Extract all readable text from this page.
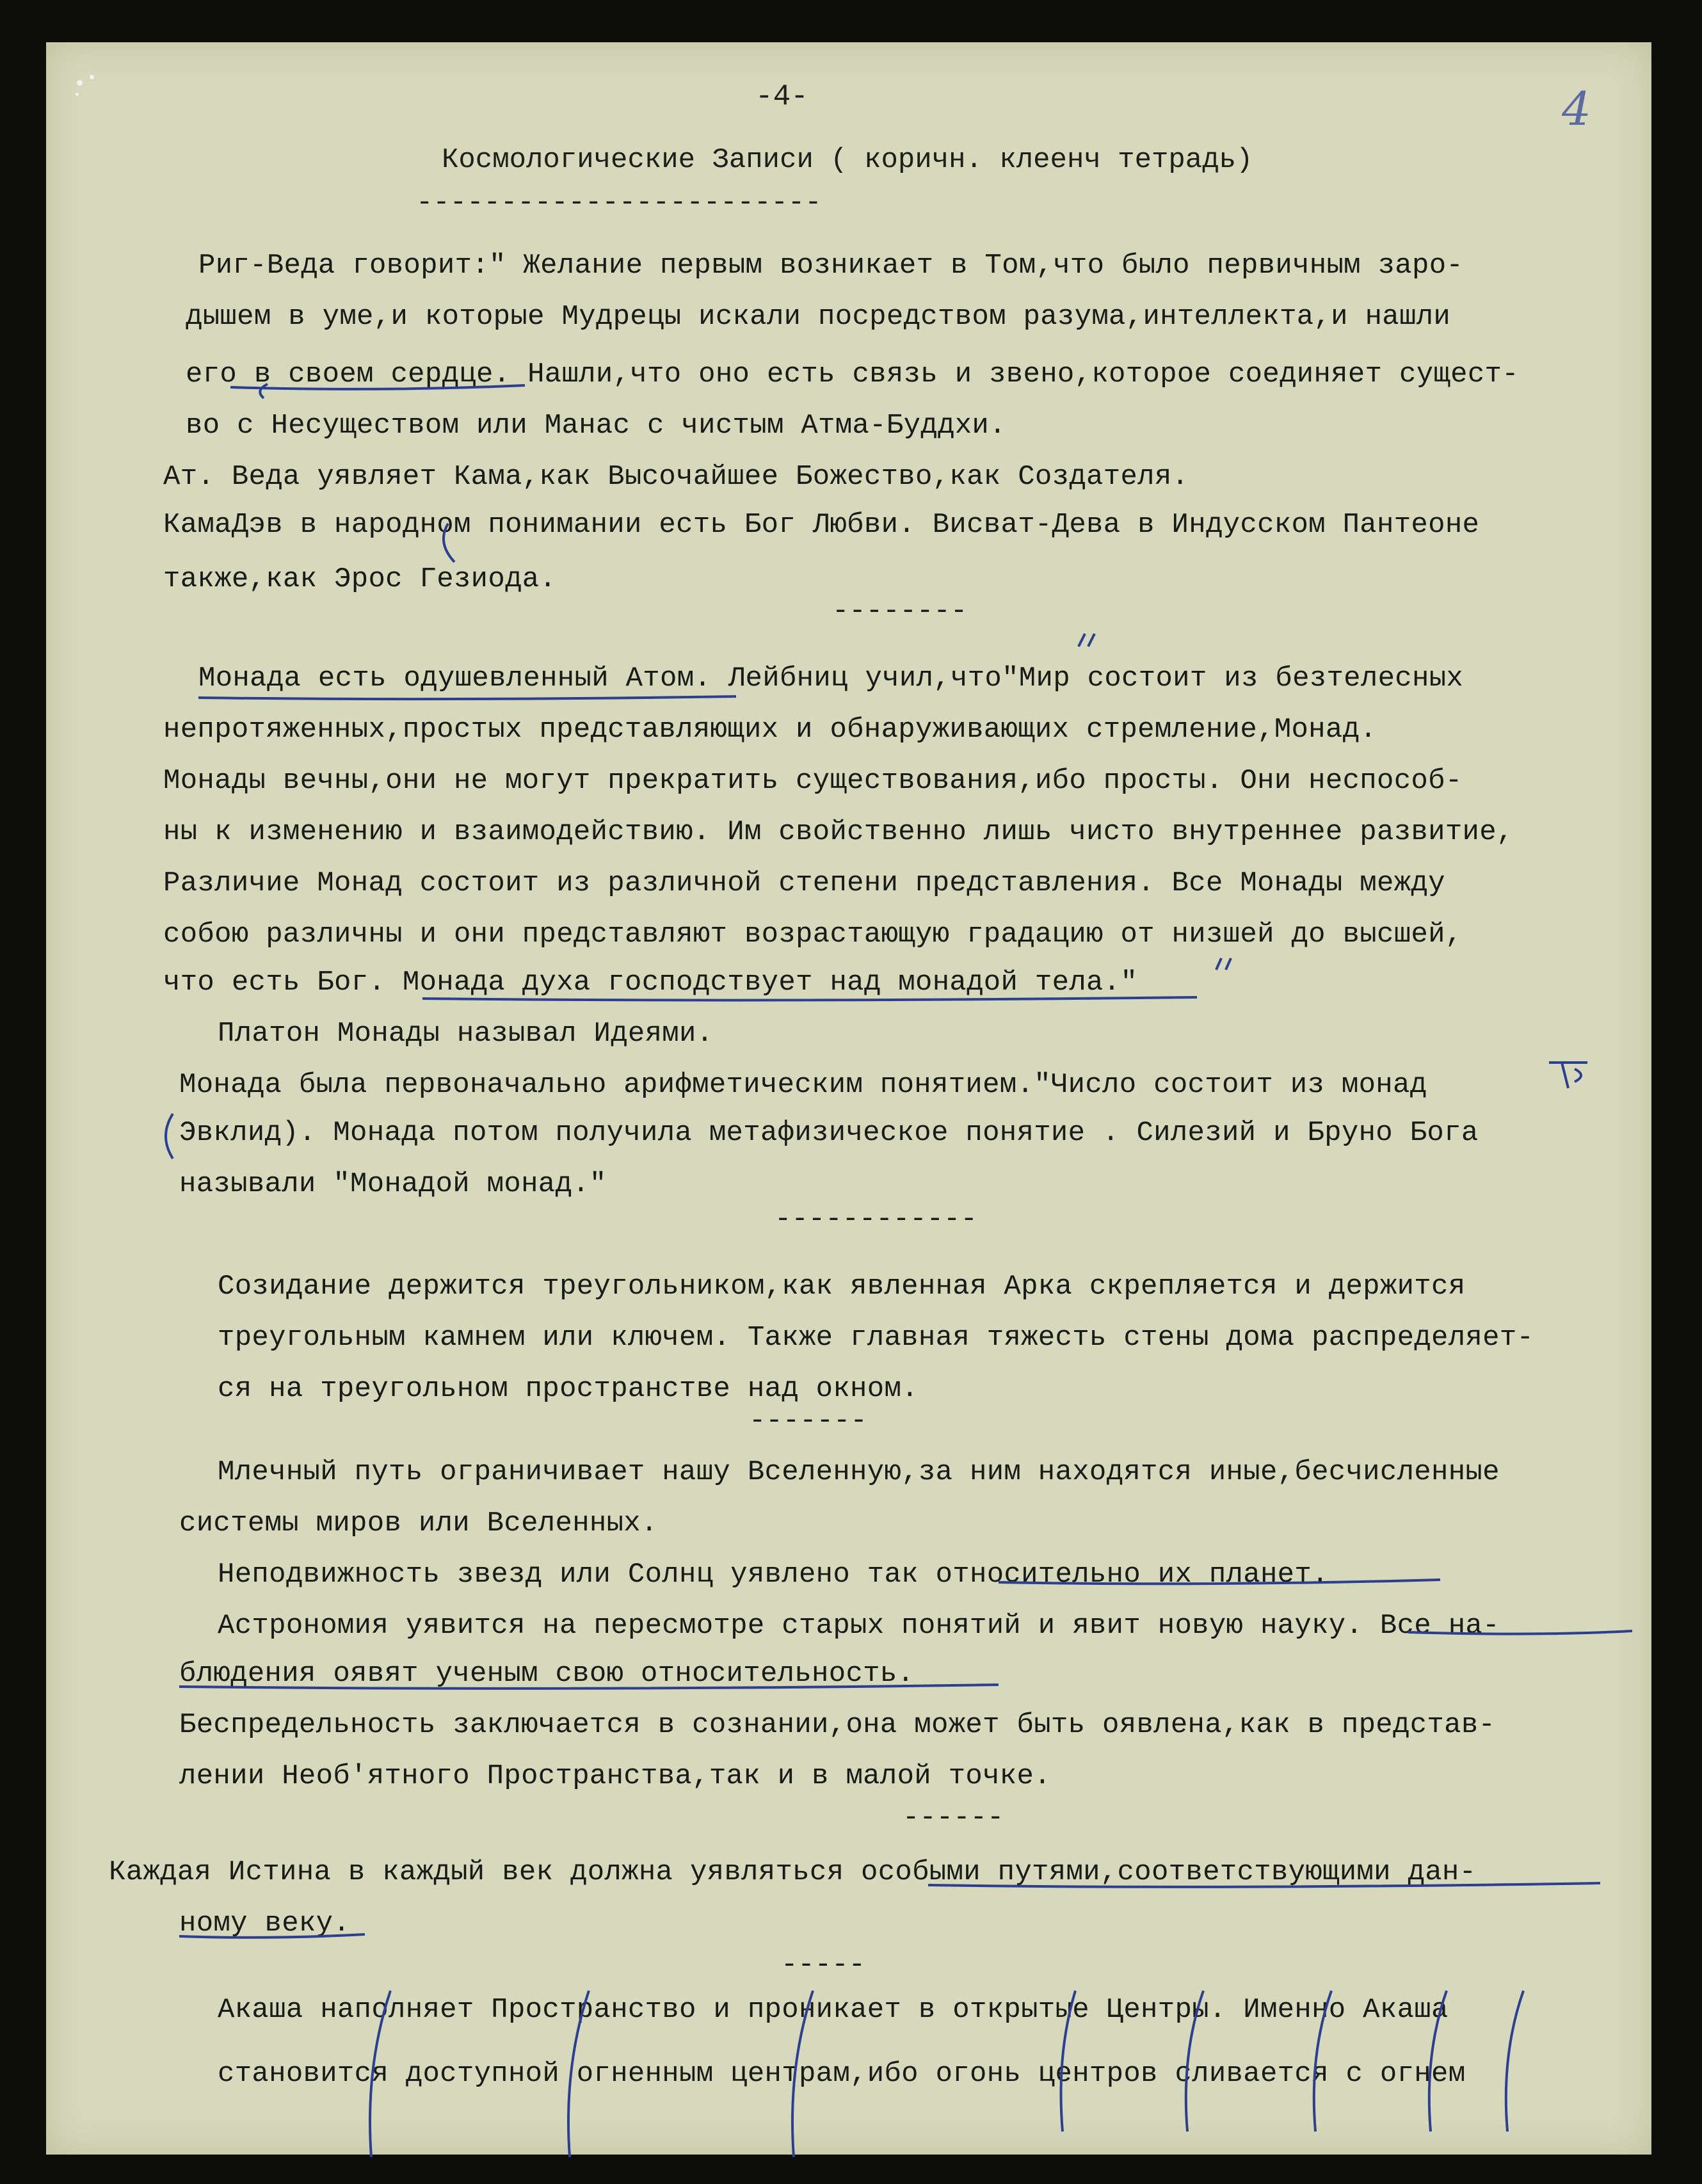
-4-	4
Космологические Записи ( коричн. клеенч тетрадь)
------------------------
Риг-Веда говорит:" Желание первым возникает в Том,что было первичным заро-
дышем в уме,и которые Мудрецы искали посредством разума,интеллекта,и нашли
его в своем сердце. Нашли,что оно есть связь и звено,которое соединяет сущест-
во с Несуществом или Манас с чистым Атма-Буддхи.
Ат. Веда уявляет Кама,как Высочайшее Божество,как Создателя.
КамаДэв в народном понимании есть Бог Любви. Висват-Дева в Индусском Пантеоне
также,как Эрос Гезиода.
--------
Монада есть одушевленный Атом. Лейбниц учил,что"Мир состоит из безтелесных
непротяженных,простых представляющих и обнаруживающих стремление,Монад.
Монады вечны,они не могут прекратить существования,ибо просты. Они неспособ-
ны к изменению и взаимодействию. Им свойственно лишь чисто внутреннее развитие,
Различие Монад состоит из различной степени представления. Все Монады между
собою различны и они представляют возрастающую градацию от низшей до высшей,
что есть Бог. Монада духа господствует над монадой тела."
Платон Монады называл Идеями.
Монада была первоначально арифметическим понятием."Число состоит из монад
Эвклид). Монада потом получила метафизическое понятие . Силезий и Бруно Бога
называли "Монадой монад."
------------
Созидание держится треугольником,как явленная Арка скрепляется и держится
треугольным камнем или ключем. Также главная тяжесть стены дома распределяет-
ся на треугольном пространстве над окном.
-------
Млечный путь ограничивает нашу Вселенную,за ним находятся иные,бесчисленные
системы миров или Вселенных.
Неподвижность звезд или Солнц уявлено так относительно их планет.
Астрономия уявится на пересмотре старых понятий и явит новую науку. Все на-
блюдения оявят ученым свою относительность.
Беспредельность заключается в сознании,она может быть оявлена,как в представ-
лении Необ'ятного Пространства,так и в малой точке.
------
Каждая Истина в каждый век должна уявляться особыми путями,соответствующими дан-
ному веку.
-----
Акаша наполняет Пространство и проникает в открытые Центры. Именно Акаша
становится доступной огненным центрам,ибо огонь центров сливается с огнем
